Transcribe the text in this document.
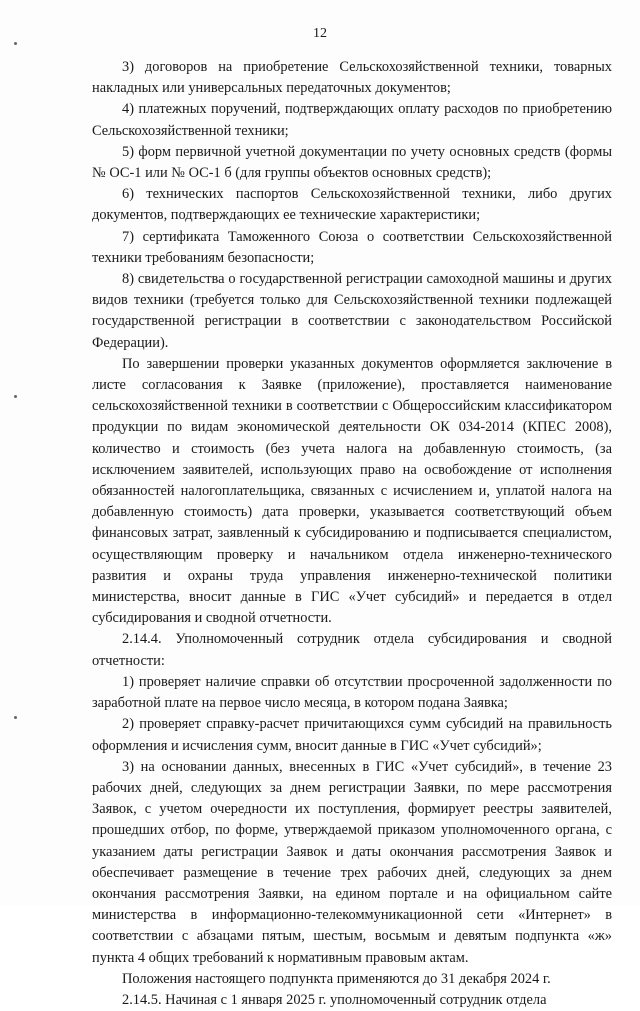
12

3) договоров на приобретение Сельскохозяйственной техники, товарных накладных или универсальных передаточных документов;

4) платежных поручений, подтверждающих оплату расходов по приобретению Сельскохозяйственной техники;

5) форм первичной учетной документации по учету основных средств (формы № ОС-1 или № ОС-1 б (для группы объектов основных средств);

6) технических паспортов Сельскохозяйственной техники, либо других документов, подтверждающих ее технические характеристики;

7) сертификата Таможенного Союза о соответствии Сельскохозяйственной техники требованиям безопасности;

8) свидетельства о государственной регистрации самоходной машины и других видов техники (требуется только для Сельскохозяйственной техники подлежащей государственной регистрации в соответствии с законодательством Российской Федерации).

По завершении проверки указанных документов оформляется заключение в листе согласования к Заявке (приложение), проставляется наименование сельскохозяйственной техники в соответствии с Общероссийским классификатором продукции по видам экономической деятельности ОК 034-2014 (КПЕС 2008), количество и стоимость (без учета налога на добавленную стоимость, (за исключением заявителей, использующих право на освобождение от исполнения обязанностей налогоплательщика, связанных с исчислением и, уплатой налога на добавленную стоимость) дата проверки, указывается соответствующий объем финансовых затрат, заявленный к субсидированию и подписывается специалистом, осуществляющим проверку и начальником отдела инженерно-технического развития и охраны труда управления инженерно-технической политики министерства, вносит данные в ГИС «Учет субсидий» и передается в отдел субсидирования и сводной отчетности.

2.14.4. Уполномоченный сотрудник отдела субсидирования и сводной отчетности:

1) проверяет наличие справки об отсутствии просроченной задолженности по заработной плате на первое число месяца, в котором подана Заявка;

2) проверяет справку-расчет причитающихся сумм субсидий на правильность оформления и исчисления сумм, вносит данные в ГИС «Учет субсидий»;

3) на основании данных, внесенных в ГИС «Учет субсидий», в течение 23 рабочих дней, следующих за днем регистрации Заявки, по мере рассмотрения Заявок, с учетом очередности их поступления, формирует реестры заявителей, прошедших отбор, по форме, утверждаемой приказом уполномоченного органа, с указанием даты регистрации Заявок и даты окончания рассмотрения Заявок и обеспечивает размещение в течение трех рабочих дней, следующих за днем окончания рассмотрения Заявки, на едином портале и на официальном сайте министерства в информационно-телекоммуникационной сети «Интернет» в соответствии с абзацами пятым, шестым, восьмым и девятым подпункта «ж» пункта 4 общих требований к нормативным правовым актам.

Положения настоящего подпункта применяются до 31 декабря 2024 г.

2.14.5. Начиная с 1 января 2025 г. уполномоченный сотрудник отдела
